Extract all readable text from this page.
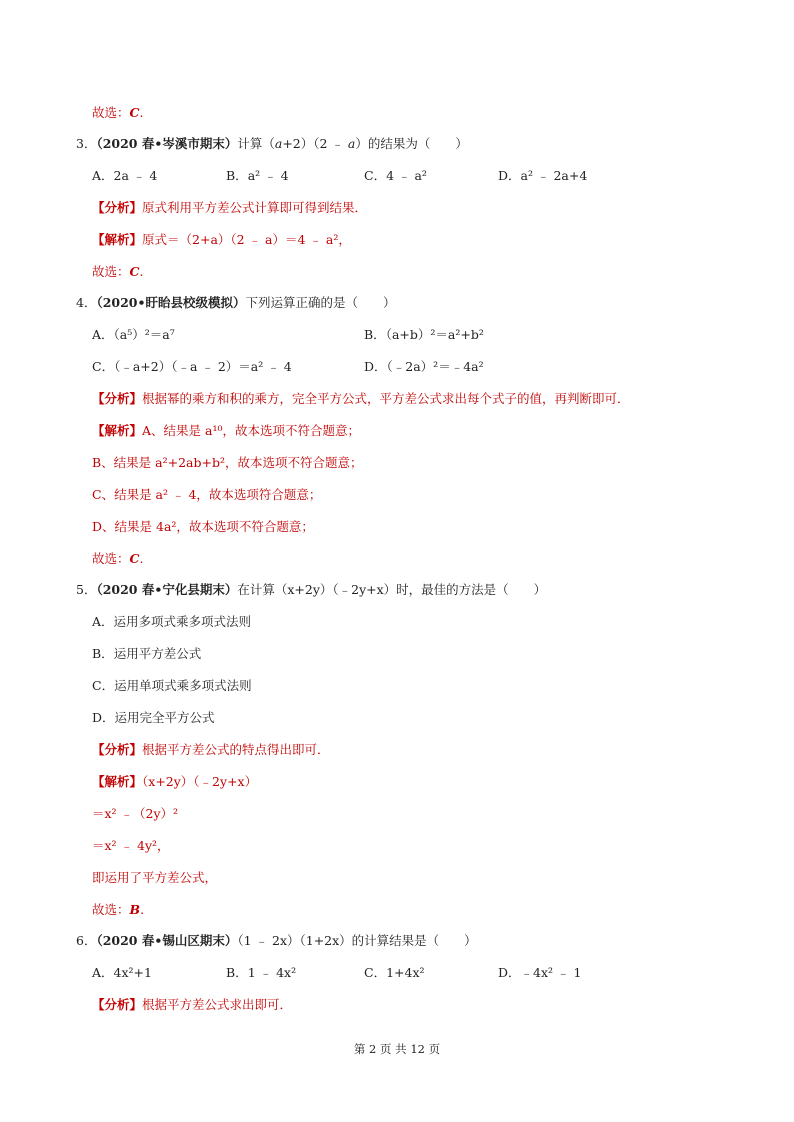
故选：C.
3．（2020 春•岑溪市期末）计算（a+2）（2 ﹣ a）的结果为（　　）
A．2a ﹣ 4	B．a² ﹣ 4	C．4 ﹣ a²	D．a² ﹣ 2a+4
【分析】原式利用平方差公式计算即可得到结果．
【解析】原式＝（2+a）（2 ﹣ a）＝4 ﹣ a²，
故选：C.
4．（2020•盱眙县校级模拟）下列运算正确的是（　　）
A．（a⁵）²＝a⁷	B．（a+b）²＝a²+b²
C．（﹣a+2）（﹣a ﹣ 2）＝a² ﹣ 4	D．（﹣2a）²＝﹣4a²
【分析】根据幂的乘方和积的乘方，完全平方公式，平方差公式求出每个式子的值，再判断即可．
【解析】A、结果是 a¹⁰，故本选项不符合题意；
B、结果是 a²+2ab+b²，故本选项不符合题意；
C、结果是 a² ﹣ 4，故本选项符合题意；
D、结果是 4a²，故本选项不符合题意；
故选：C.
5．（2020 春•宁化县期末）在计算（x+2y）（﹣2y+x）时，最佳的方法是（　　）
A．运用多项式乘多项式法则
B．运用平方差公式
C．运用单项式乘多项式法则
D．运用完全平方公式
【分析】根据平方差公式的特点得出即可．
【解析】（x+2y）（﹣2y+x）
＝x² ﹣（2y）²
＝x² ﹣ 4y²，
即运用了平方差公式，
故选：B.
6．（2020 春•锡山区期末）（1 ﹣ 2x）（1+2x）的计算结果是（　　）
A．4x²+1	B．1 ﹣ 4x²	C．1+4x²	D．﹣4x² ﹣ 1
【分析】根据平方差公式求出即可．
第 2 页 共 12 页
